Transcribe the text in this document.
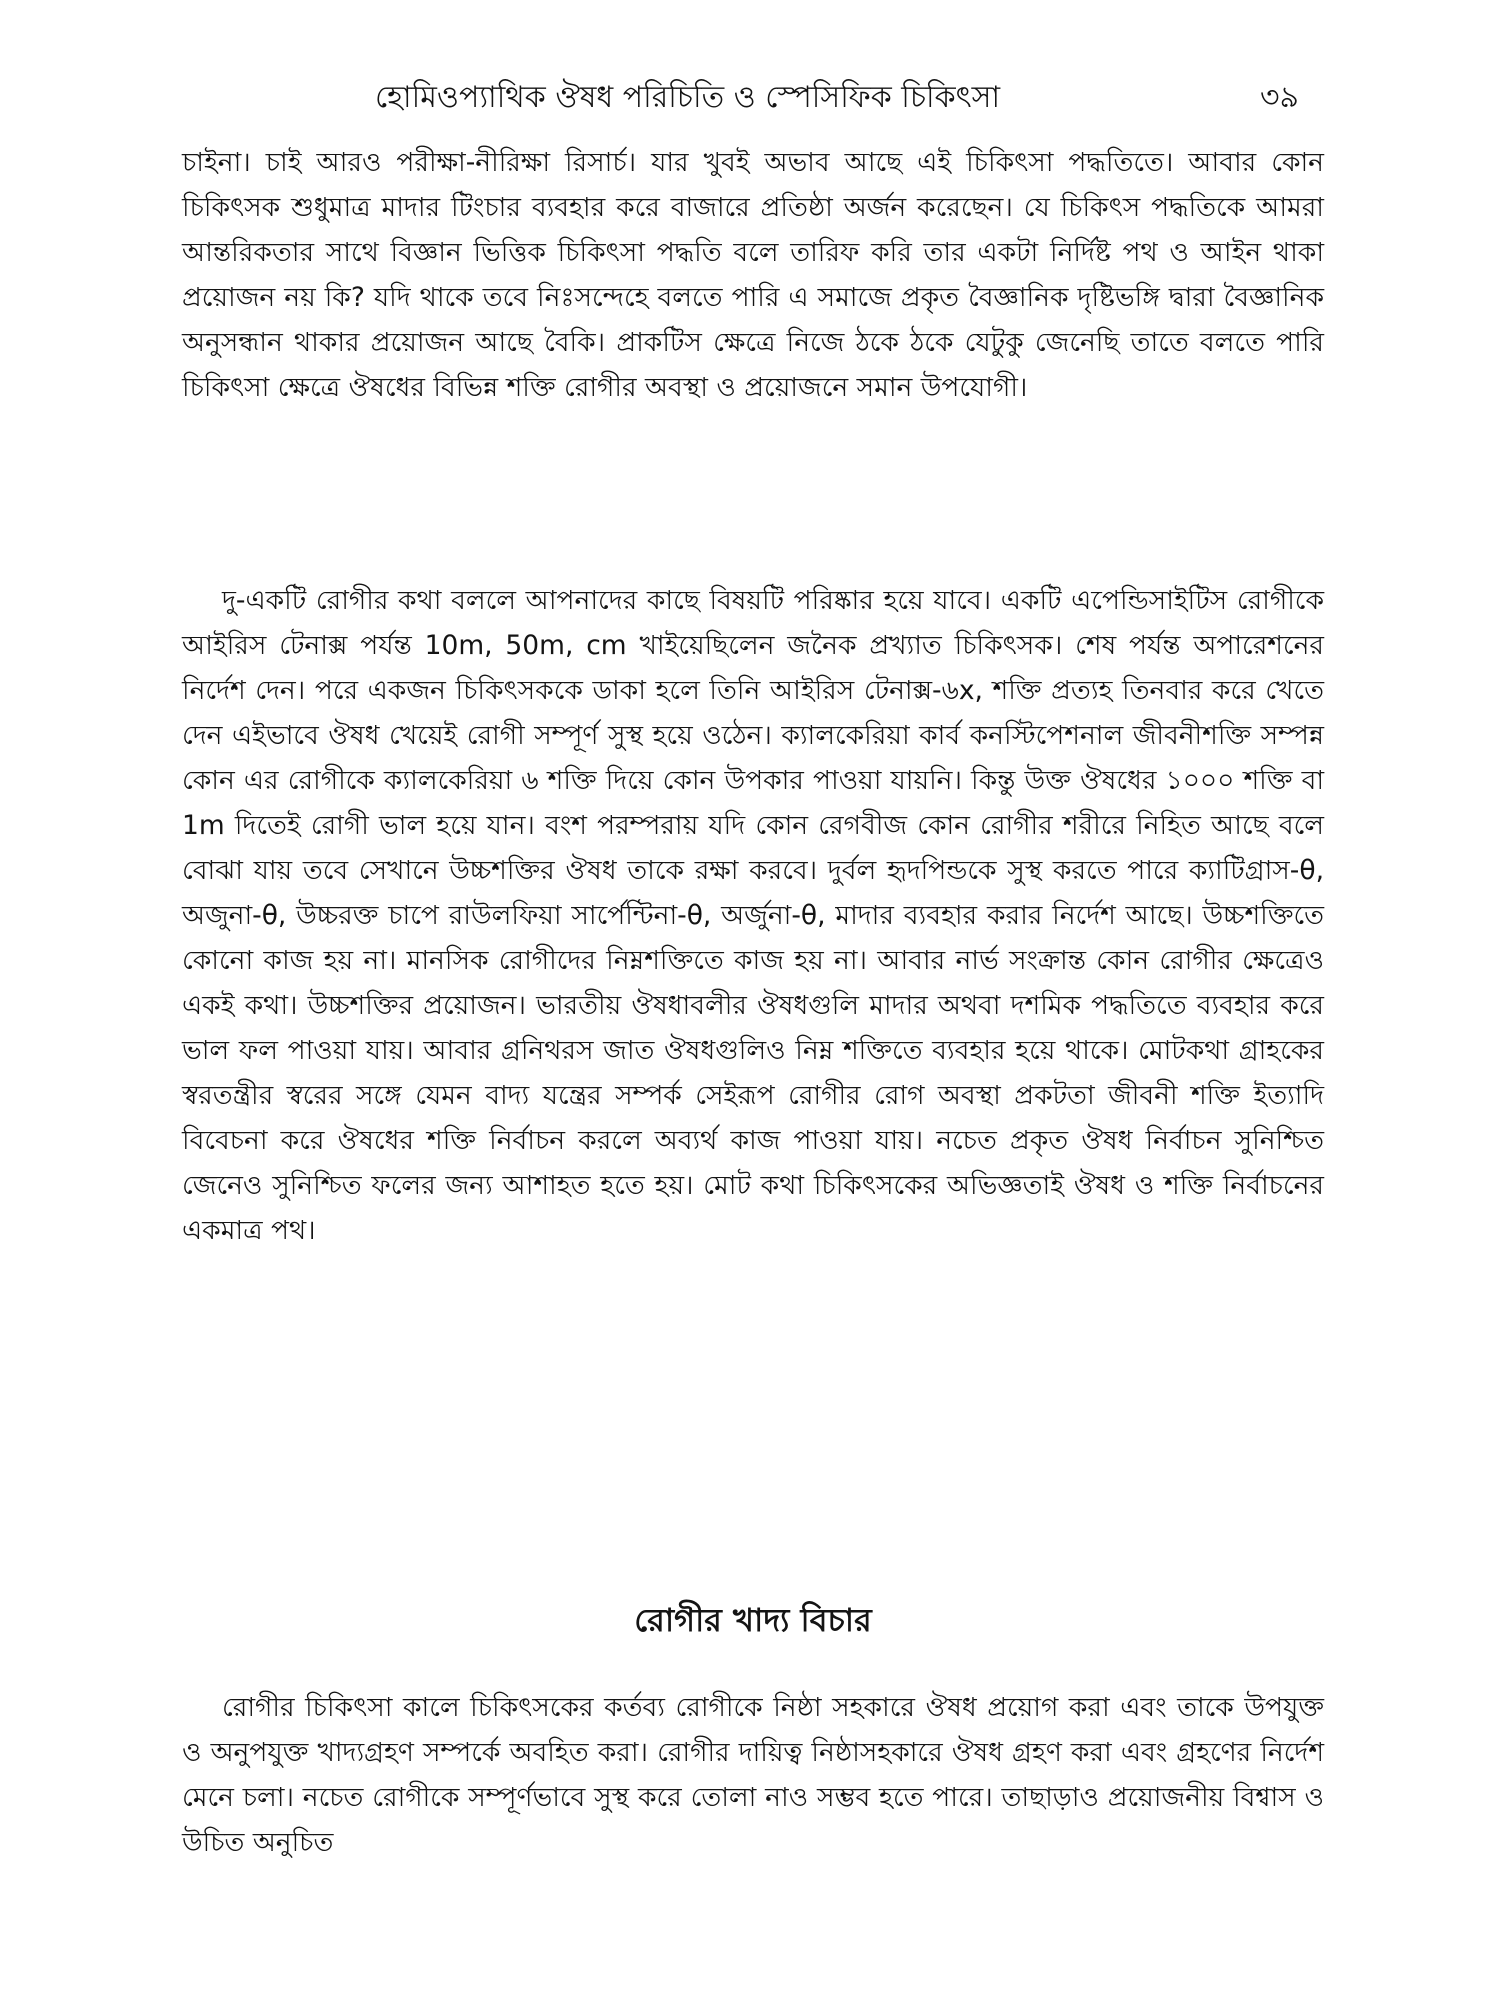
হোমিওপ্যাথিক ঔষধ পরিচিতি ও স্পেসিফিক চিকিৎসা	৩৯

চাইনা। চাই আরও পরীক্ষা-নীরিক্ষা রিসার্চ। যার খুবই অভাব আছে এই চিকিৎসা পদ্ধতিতে। আবার কোন চিকিৎসক শুধুমাত্র মাদার টিংচার ব্যবহার করে বাজারে প্রতিষ্ঠা অর্জন করেছেন। যে চিকিৎস পদ্ধতিকে আমরা আন্তরিকতার সাথে বিজ্ঞান ভিত্তিক চিকিৎসা পদ্ধতি বলে তারিফ করি তার একটা নির্দিষ্ট পথ ও আইন থাকা প্রয়োজন নয় কি? যদি থাকে তবে নিঃসন্দেহে বলতে পারি এ সমাজে প্রকৃত বৈজ্ঞানিক দৃষ্টিভঙ্গি দ্বারা বৈজ্ঞানিক অনুসন্ধান থাকার প্রয়োজন আছে বৈকি। প্রাকটিস ক্ষেত্রে নিজে ঠকে ঠকে যেটুকু জেনেছি তাতে বলতে পারি চিকিৎসা ক্ষেত্রে ঔষধের বিভিন্ন শক্তি রোগীর অবস্থা ও প্রয়োজনে সমান উপযোগী।

দু-একটি রোগীর কথা বললে আপনাদের কাছে বিষয়টি পরিষ্কার হয়ে যাবে। একটি এপেন্ডিসাইটিস রোগীকে আইরিস টেনাক্স পর্যন্ত 10m, 50m, cm খাইয়েছিলেন জনৈক প্রখ্যাত চিকিৎসক। শেষ পর্যন্ত অপারেশনের নির্দেশ দেন। পরে একজন চিকিৎসককে ডাকা হলে তিনি আইরিস টেনাক্স-৬x, শক্তি প্রত্যহ তিনবার করে খেতে দেন এইভাবে ঔষধ খেয়েই রোগী সম্পূর্ণ সুস্থ হয়ে ওঠেন। ক্যালকেরিয়া কার্ব কনস্টিপেশনাল জীবনীশক্তি সম্পন্ন কোন এর রোগীকে ক্যালকেরিয়া ৬ শক্তি দিয়ে কোন উপকার পাওয়া যায়নি। কিন্তু উক্ত ঔষধের ১০০০ শক্তি বা 1m দিতেই রোগী ভাল হয়ে যান। বংশ পরম্পরায় যদি কোন রেগবীজ কোন রোগীর শরীরে নিহিত আছে বলে বোঝা যায় তবে সেখানে উচ্চশক্তির ঔষধ তাকে রক্ষা করবে। দুর্বল হৃদপিন্ডকে সুস্থ করতে পারে ক্যাটিগ্রাস-θ, অজুনা-θ, উচ্চরক্ত চাপে রাউলফিয়া সার্পেন্টিনা-θ, অর্জুনা-θ, মাদার ব্যবহার করার নির্দেশ আছে। উচ্চশক্তিতে কোনো কাজ হয় না। মানসিক রোগীদের নিম্নশক্তিতে কাজ হয় না। আবার নার্ভ সংক্রান্ত কোন রোগীর ক্ষেত্রেও একই কথা। উচ্চশক্তির প্রয়োজন। ভারতীয় ঔষধাবলীর ঔষধগুলি মাদার অথবা দশমিক পদ্ধতিতে ব্যবহার করে ভাল ফল পাওয়া যায়। আবার গ্রনিথরস জাত ঔষধগুলিও নিম্ন শক্তিতে ব্যবহার হয়ে থাকে। মোটকথা গ্রাহকের স্বরতন্ত্রীর স্বরের সঙ্গে যেমন বাদ্য যন্ত্রের সম্পর্ক সেইরূপ রোগীর রোগ অবস্থা প্রকটতা জীবনী শক্তি ইত্যাদি বিবেচনা করে ঔষধের শক্তি নির্বাচন করলে অব্যর্থ কাজ পাওয়া যায়। নচেত প্রকৃত ঔষধ নির্বাচন সুনিশ্চিত জেনেও সুনিশ্চিত ফলের জন্য আশাহত হতে হয়। মোট কথা চিকিৎসকের অভিজ্ঞতাই ঔষধ ও শক্তি নির্বাচনের একমাত্র পথ।

রোগীর খাদ্য বিচার

রোগীর চিকিৎসা কালে চিকিৎসকের কর্তব্য রোগীকে নিষ্ঠা সহকারে ঔষধ প্রয়োগ করা এবং তাকে উপযুক্ত ও অনুপযুক্ত খাদ্যগ্রহণ সম্পর্কে অবহিত করা। রোগীর দায়িত্ব নিষ্ঠাসহকারে ঔষধ গ্রহণ করা এবং গ্রহণের নির্দেশ মেনে চলা। নচেত রোগীকে সম্পূর্ণভাবে সুস্থ করে তোলা নাও সম্ভব হতে পারে। তাছাড়াও প্রয়োজনীয় বিশ্বাস ও উচিত অনুচিত
